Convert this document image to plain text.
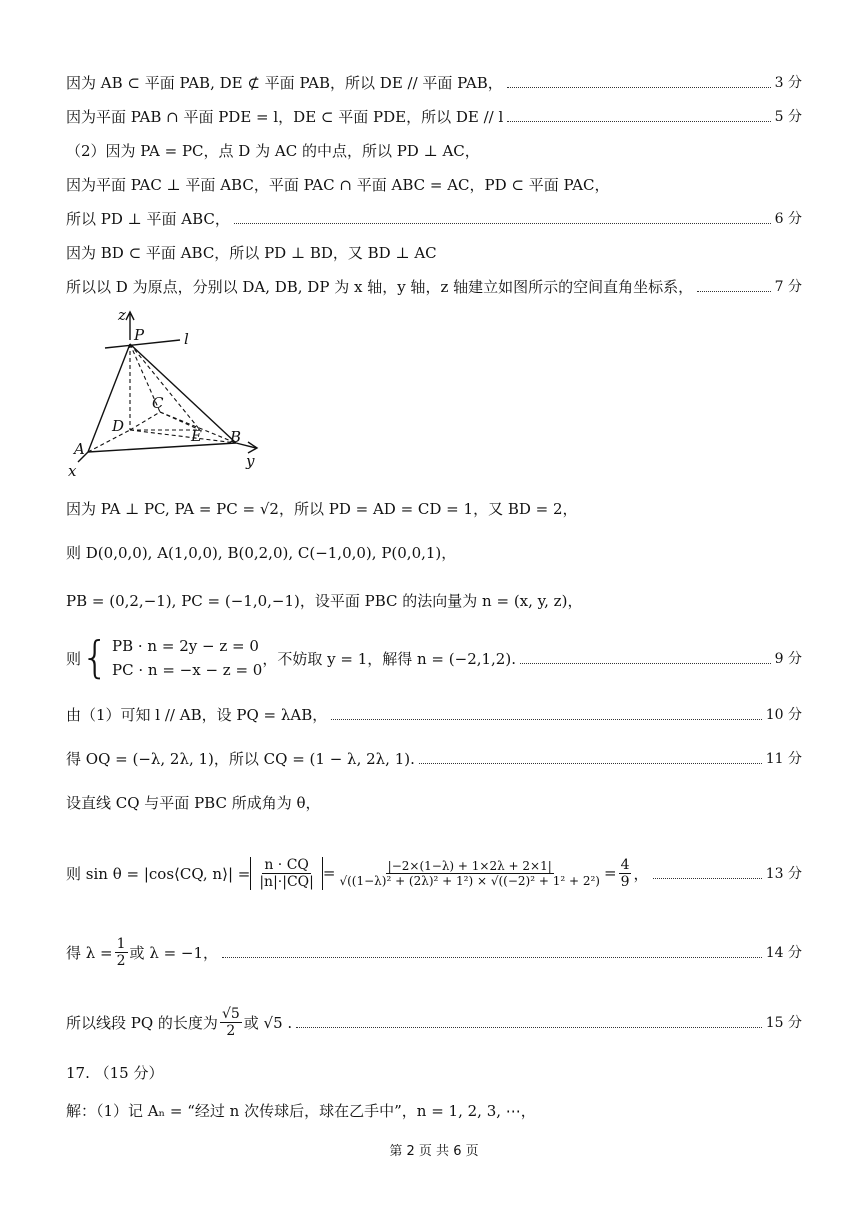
因为 AB ⊂ 平面 PAB, DE ⊄ 平面 PAB，所以 DE // 平面 PAB，	3 分
因为平面 PAB ∩ 平面 PDE = l，DE ⊂ 平面 PDE，所以 DE // l	5 分
（2）因为 PA = PC，点 D 为 AC 的中点，所以 PD ⊥ AC，
因为平面 PAC ⊥ 平面 ABC，平面 PAC ∩ 平面 ABC = AC，PD ⊂ 平面 PAC，
所以 PD ⊥ 平面 ABC，	6 分
因为 BD ⊂ 平面 ABC，所以 PD ⊥ BD，又 BD ⊥ AC
所以以 D 为原点，分别以 DA, DB, DP 为 x 轴，y 轴，z 轴建立如图所示的空间直角坐标系，	7 分
z
P	l
C
D
E
A
B
x
y
因为 PA ⊥ PC, PA = PC = √2，所以 PD = AD = CD = 1，又 BD = 2，
则 D(0,0,0), A(1,0,0), B(0,2,0), C(−1,0,0), P(0,0,1)，
PB = (0,2,−1), PC = (−1,0,−1)，设平面 PBC 的法向量为 n = (x, y, z)，
则 { PB · n = 2y − z = 0
PC · n = −x − z = 0
，不妨取 y = 1，解得 n = (−2,1,2).	9 分
由（1）可知 l // AB，设 PQ = λAB，	10 分
得 OQ = (−λ, 2λ, 1)，所以 CQ = (1 − λ, 2λ, 1).	11 分
设直线 CQ 与平面 PBC 所成角为 θ，
则 sin θ = |cos⟨CQ, n⟩| = $\frac{n \cdot CQ}{|n|\cdot|CQ|} = \frac{|-2\times(1-\lambda) + 1\times 2\lambda + 2\times 1|}{\text{√((1−λ)² + (2λ)² + 1²) × √((−2)² + 1² + 2²)}} = \frac{4}{9}$ ，	13 分
得 $\lambda = \frac{1}{2}$ 或 λ = −1，	14 分
所以线段 PQ 的长度为 $\frac{√5}{2}$ 或 √5 .	15 分
17. （15 分）
解：（1）记 Aₙ = “经过 n 次传球后，球在乙手中”，n = 1, 2, 3, ⋯，
第 2 页 共 6 页
